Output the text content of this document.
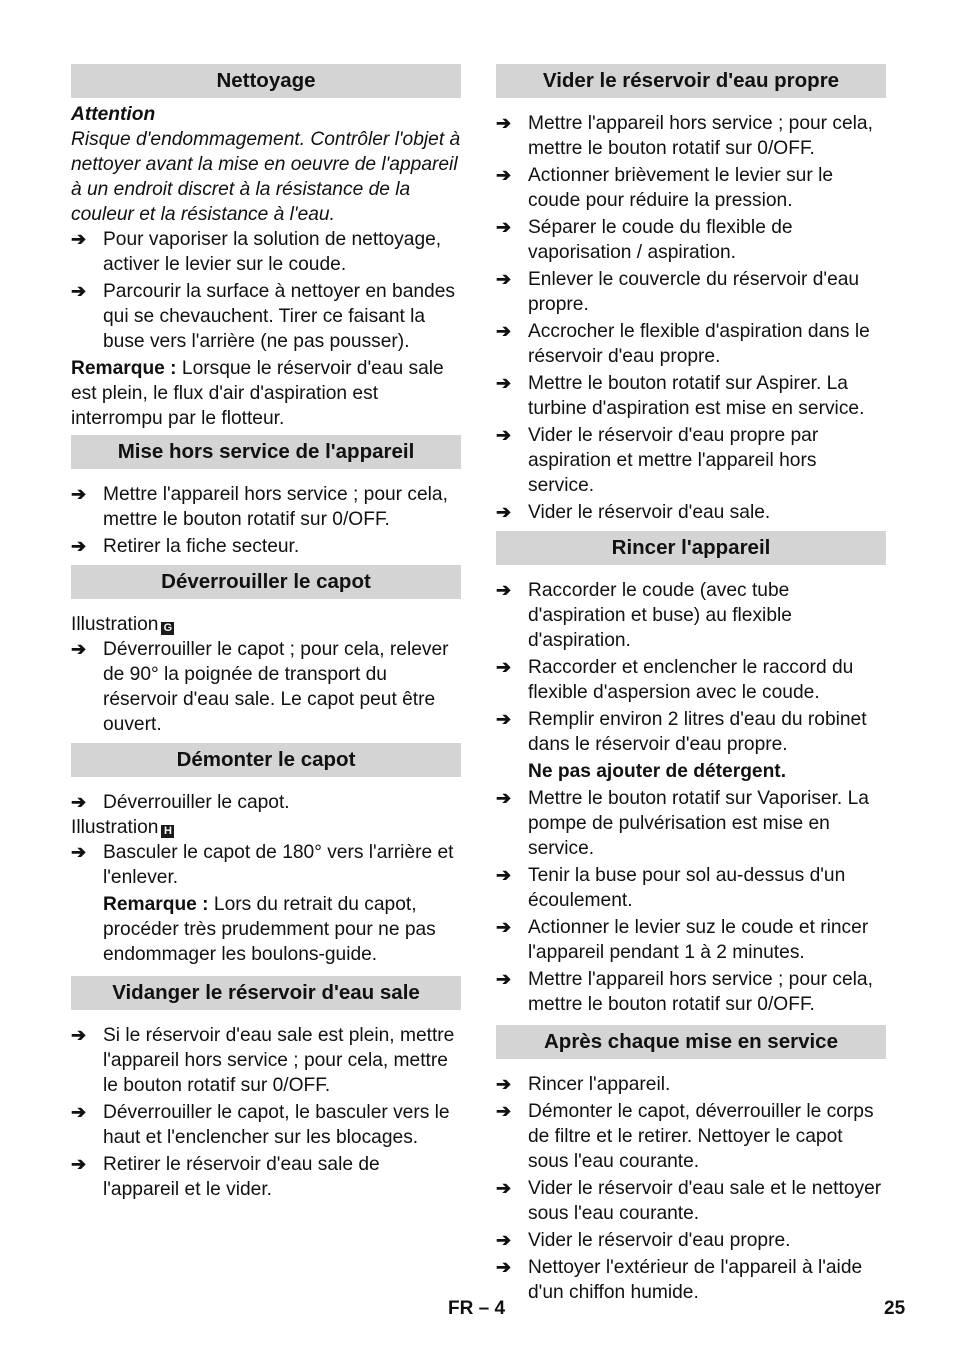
Nettoyage

Attention

Risque d'endommagement. Contrôler l'objet à nettoyer avant la mise en oeuvre de l'appareil à un endroit discret à la résistance de la couleur et la résistance à l'eau.

➔ Pour vaporiser la solution de nettoyage, activer le levier sur le coude.
➔ Parcourir la surface à nettoyer en bandes qui se chevauchent. Tirer ce faisant la buse vers l'arrière (ne pas pousser).

Remarque : Lorsque le réservoir d'eau sale est plein, le flux d'air d'aspiration est interrompu par le flotteur.

Mise hors service de l'appareil
➔ Mettre l'appareil hors service ; pour cela, mettre le bouton rotatif sur 0/OFF.
➔ Retirer la fiche secteur.
Déverrouiller le capot

Illustration G

➔ Déverrouiller le capot ; pour cela, relever de 90° la poignée de transport du réservoir d'eau sale. Le capot peut être ouvert.
Démonter le capot
➔ Déverrouiller le capot.

Illustration H

➔ Basculer le capot de 180° vers l'arrière et l'enlever.

Remarque : Lors du retrait du capot, procéder très prudemment pour ne pas endommager les boulons-guide.

Vidanger le réservoir d'eau sale
➔ Si le réservoir d'eau sale est plein, mettre l'appareil hors service ; pour cela, mettre le bouton rotatif sur 0/OFF.
➔ Déverrouiller le capot, le basculer vers le haut et l'enclencher sur les blocages.
➔ Retirer le réservoir d'eau sale de l'appareil et le vider.
Vider le réservoir d'eau propre
➔ Mettre l'appareil hors service ; pour cela, mettre le bouton rotatif sur 0/OFF.
➔ Actionner brièvement le levier sur le coude pour réduire la pression.
➔ Séparer le coude du flexible de vaporisation / aspiration.
➔ Enlever le couvercle du réservoir d'eau propre.
➔ Accrocher le flexible d'aspiration dans le réservoir d'eau propre.
➔ Mettre le bouton rotatif sur Aspirer. La turbine d'aspiration est mise en service.
➔ Vider le réservoir d'eau propre par aspiration et mettre l'appareil hors service.
➔ Vider le réservoir d'eau sale.
Rincer l'appareil
➔ Raccorder le coude (avec tube d'aspiration et buse) au flexible d'aspiration.
➔ Raccorder et enclencher le raccord du flexible d'aspersion avec le coude.
➔ Remplir environ 2 litres d'eau du robinet dans le réservoir d'eau propre.

Ne pas ajouter de détergent.

➔ Mettre le bouton rotatif sur Vaporiser. La pompe de pulvérisation est mise en service.
➔ Tenir la buse pour sol au-dessus d'un écoulement.
➔ Actionner le levier suz le coude et rincer l'appareil pendant 1 à 2 minutes.
➔ Mettre l'appareil hors service ; pour cela, mettre le bouton rotatif sur 0/OFF.
Après chaque mise en service
➔ Rincer l'appareil.
➔ Démonter le capot, déverrouiller le corps de filtre et le retirer. Nettoyer le capot sous l'eau courante.
➔ Vider le réservoir d'eau sale et le nettoyer sous l'eau courante.
➔ Vider le réservoir d'eau propre.
➔ Nettoyer l'extérieur de l'appareil à l'aide d'un chiffon humide.
FR – 4	25
